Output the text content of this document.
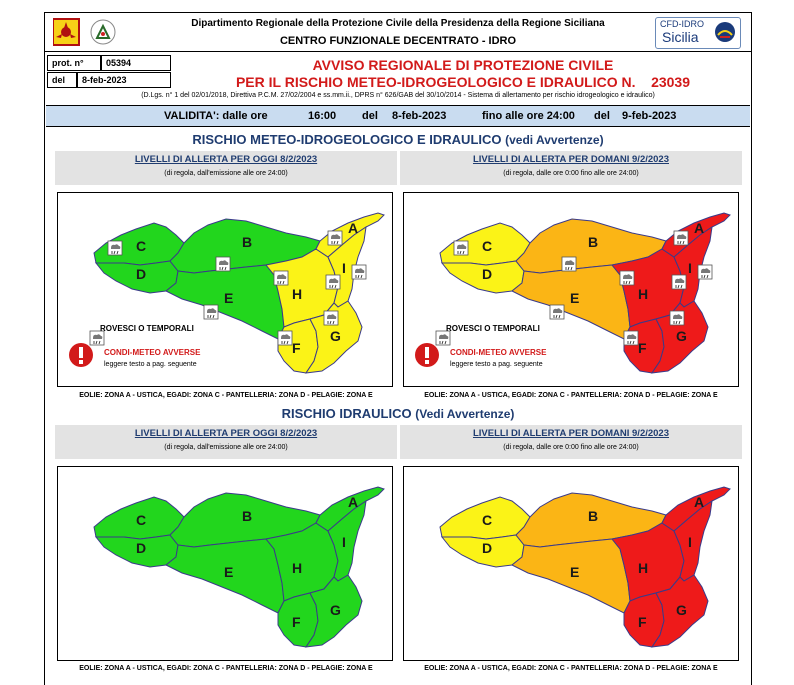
Dipartimento Regionale della Protezione Civile della Presidenza della Regione Siciliana
CENTRO FUNZIONALE DECENTRATO - IDRO
CFD-IDRO
Sicilia
prot. n°	05394
del	8-feb-2023
AVVISO REGIONALE DI PROTEZIONE CIVILE
PER IL RISCHIO METEO-IDROGEOLOGICO E IDRAULICO N. 23039
(D.Lgs. n° 1 del 02/01/2018, Direttiva P.C.M. 27/02/2004 e ss.mm.ii., DPRS n° 626/GAB del 30/10/2014 - Sistema di allertamento per rischio idrogeologico e idraulico)
VALIDITA': dalle ore	16:00 del 8-feb-2023	fino alle ore 24:00 del 9-feb-2023
RISCHIO METEO-IDROGEOLOGICO E IDRAULICO (vedi Avvertenze)
LIVELLI DI ALLERTA PER OGGI 8/2/2023
(di regola, dall'emissione alle ore 24:00)
LIVELLI DI ALLERTA PER DOMANI 9/2/2023
(di regola, dalle ore 0:00 fino alle ore 24:00)
A
B
C
D
E
F
G
H
I
ROVESCI O TEMPORALI
CONDI-METEO AVVERSE
leggere testo a pag. seguente
A
B
C
D
E
F
G
H
I
ROVESCI O TEMPORALI
CONDI-METEO AVVERSE
leggere testo a pag. seguente
EOLIE: ZONA A - USTICA, EGADI: ZONA C - PANTELLERIA: ZONA D - PELAGIE: ZONA E	EOLIE: ZONA A - USTICA, EGADI: ZONA C - PANTELLERIA: ZONA D - PELAGIE: ZONA E
RISCHIO IDRAULICO (Vedi Avvertenze)
LIVELLI DI ALLERTA PER OGGI 8/2/2023
(di regola, dall'emissione alle ore 24:00)
LIVELLI DI ALLERTA PER DOMANI 9/2/2023
(di regola, dalle ore 0:00 fino alle ore 24:00)
A
B
C
D
E
F
G
H
I
A
B
C
D
E
F
G
H
I
EOLIE: ZONA A - USTICA, EGADI: ZONA C - PANTELLERIA: ZONA D - PELAGIE: ZONA E	EOLIE: ZONA A - USTICA, EGADI: ZONA C - PANTELLERIA: ZONA D - PELAGIE: ZONA E
